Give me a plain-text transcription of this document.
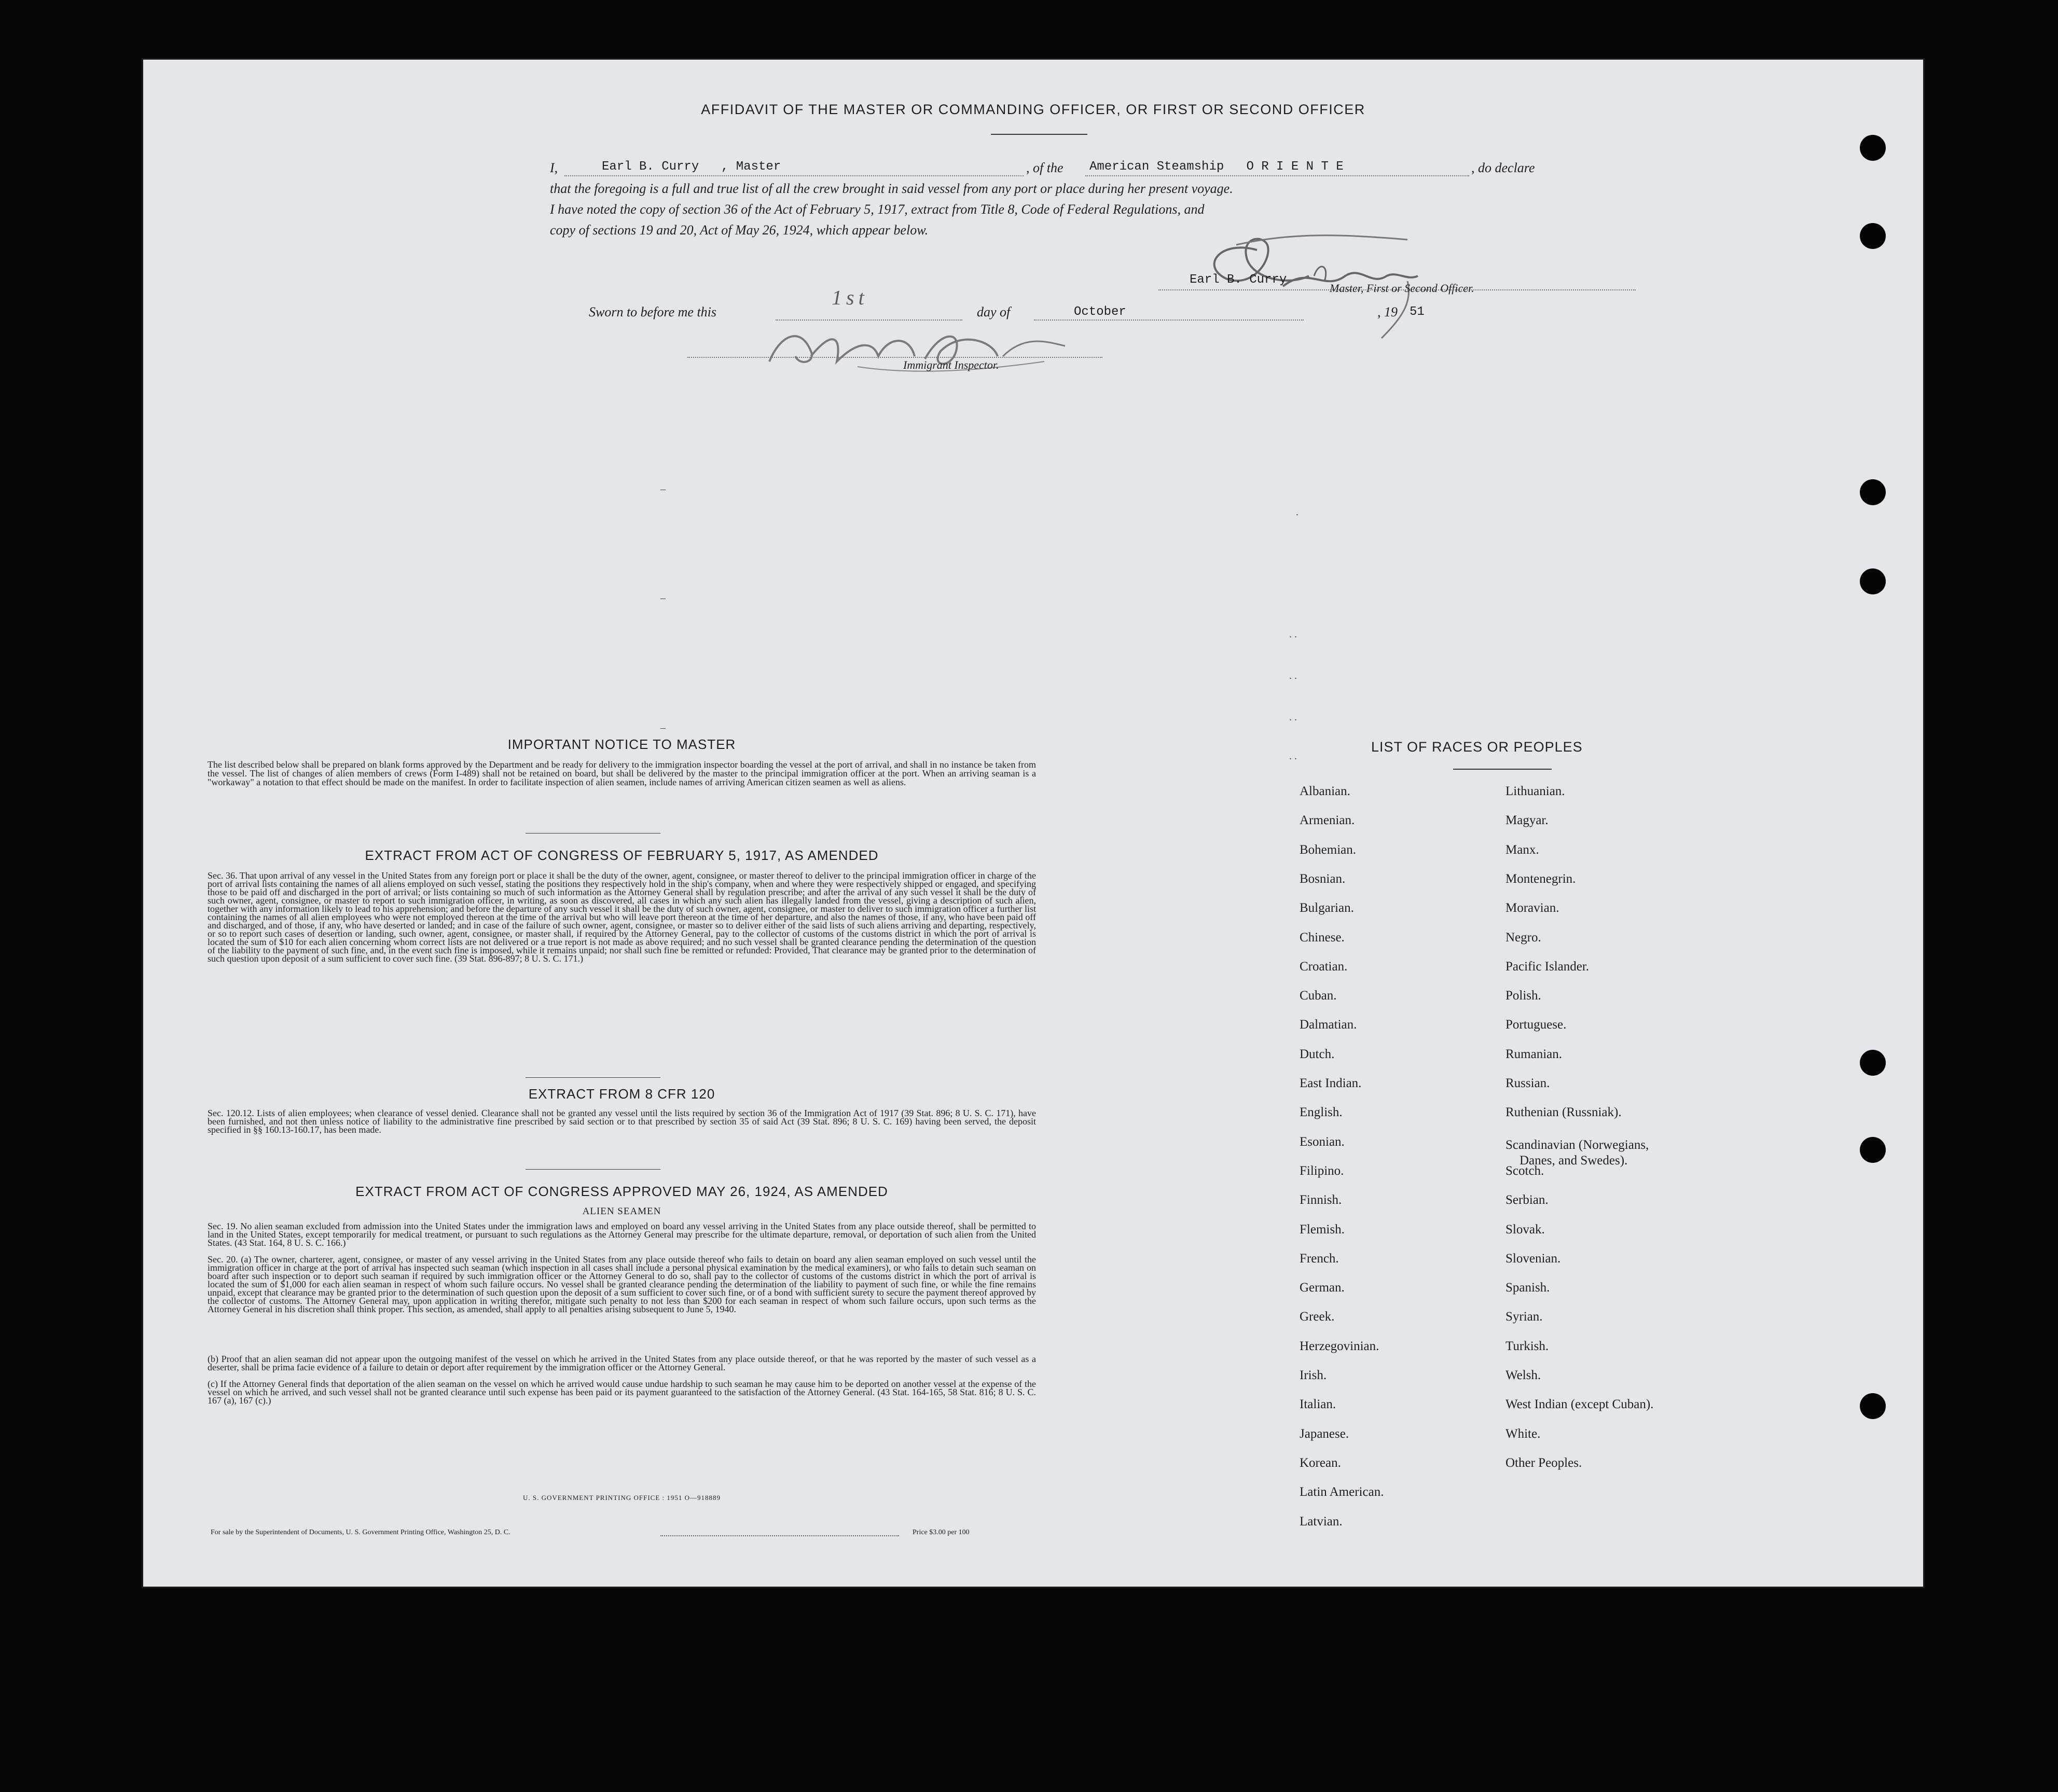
AFFIDAVIT OF THE MASTER OR COMMANDING OFFICER, OR FIRST OR SECOND OFFICER
I,	Earl B. Curry , Master	, of the American Steamship   O R I E N T E	, do declare
that the foregoing is a full and true list of all the crew brought in said vessel from any port or place during her present voyage.
I have noted the copy of section 36 of the Act of February 5, 1917, extract from Title 8, Code of Federal Regulations, and
copy of sections 19 and 20, Act of May 26, 1924, which appear below.
Earl B. Curry
Master, First or Second Officer.
Sworn to before me this
1st
day of	October	, 19 51
Immigrant Inspector.
–
–
–
. .
. .
. .
. .
·
IMPORTANT NOTICE TO MASTER
The list described below shall be prepared on blank forms approved by the Department and be ready for delivery to the immigration inspector boarding the vessel at the port of arrival, and shall in no instance be taken from the vessel. The list of changes of alien members of crews (Form I-489) shall not be retained on board, but shall be delivered by the master to the principal immigration officer at the port. When an arriving seaman is a "workaway" a notation to that effect should be made on the manifest. In order to facilitate inspection of alien seamen, include names of arriving American citizen seamen as well as aliens.
EXTRACT FROM ACT OF CONGRESS OF FEBRUARY 5, 1917, AS AMENDED
Sec. 36. That upon arrival of any vessel in the United States from any foreign port or place it shall be the duty of the owner, agent, consignee, or master thereof to deliver to the principal immigration officer in charge of the port of arrival lists containing the names of all aliens employed on such vessel, stating the positions they respectively hold in the ship's company, when and where they were respectively shipped or engaged, and specifying those to be paid off and discharged in the port of arrival; or lists containing so much of such information as the Attorney General shall by regulation prescribe; and after the arrival of any such vessel it shall be the duty of such owner, agent, consignee, or master to report to such immigration officer, in writing, as soon as discovered, all cases in which any such alien has illegally landed from the vessel, giving a description of such alien, together with any information likely to lead to his apprehension; and before the departure of any such vessel it shall be the duty of such owner, agent, consignee, or master to deliver to such immigration officer a further list containing the names of all alien employees who were not employed thereon at the time of the arrival but who will leave port thereon at the time of her departure, and also the names of those, if any, who have been paid off and discharged, and of those, if any, who have deserted or landed; and in case of the failure of such owner, agent, consignee, or master so to deliver either of the said lists of such aliens arriving and departing, respectively, or so to report such cases of desertion or landing, such owner, agent, consignee, or master shall, if required by the Attorney General, pay to the collector of customs of the customs district in which the port of arrival is located the sum of $10 for each alien concerning whom correct lists are not delivered or a true report is not made as above required; and no such vessel shall be granted clearance pending the determination of the question of the liability to the payment of such fine, and, in the event such fine is imposed, while it remains unpaid; nor shall such fine be remitted or refunded: Provided, That clearance may be granted prior to the determination of such question upon deposit of a sum sufficient to cover such fine. (39 Stat. 896-897; 8 U. S. C. 171.)
EXTRACT FROM 8 CFR 120
Sec. 120.12. Lists of alien employees; when clearance of vessel denied. Clearance shall not be granted any vessel until the lists required by section 36 of the Immigration Act of 1917 (39 Stat. 896; 8 U. S. C. 171), have been furnished, and not then unless notice of liability to the administrative fine prescribed by said section or to that prescribed by section 35 of said Act (39 Stat. 896; 8 U. S. C. 169) having been served, the deposit specified in §§ 160.13-160.17, has been made.
EXTRACT FROM ACT OF CONGRESS APPROVED MAY 26, 1924, AS AMENDED
ALIEN SEAMEN
Sec. 19. No alien seaman excluded from admission into the United States under the immigration laws and employed on board any vessel arriving in the United States from any place outside thereof, shall be permitted to land in the United States, except temporarily for medical treatment, or pursuant to such regulations as the Attorney General may prescribe for the ultimate departure, removal, or deportation of such alien from the United States. (43 Stat. 164, 8 U. S. C. 166.)
Sec. 20. (a) The owner, charterer, agent, consignee, or master of any vessel arriving in the United States from any place outside thereof who fails to detain on board any alien seaman employed on such vessel until the immigration officer in charge at the port of arrival has inspected such seaman (which inspection in all cases shall include a personal physical examination by the medical examiners), or who fails to detain such seaman on board after such inspection or to deport such seaman if required by such immigration officer or the Attorney General to do so, shall pay to the collector of customs of the customs district in which the port of arrival is located the sum of $1,000 for each alien seaman in respect of whom such failure occurs. No vessel shall be granted clearance pending the determination of the liability to payment of such fine, or while the fine remains unpaid, except that clearance may be granted prior to the determination of such question upon the deposit of a sum sufficient to cover such fine, or of a bond with sufficient surety to secure the payment thereof approved by the collector of customs. The Attorney General may, upon application in writing therefor, mitigate such penalty to not less than $200 for each seaman in respect of whom such failure occurs, upon such terms as the Attorney General in his discretion shall think proper. This section, as amended, shall apply to all penalties arising subsequent to June 5, 1940.
(b) Proof that an alien seaman did not appear upon the outgoing manifest of the vessel on which he arrived in the United States from any place outside thereof, or that he was reported by the master of such vessel as a deserter, shall be prima facie evidence of a failure to detain or deport after requirement by the immigration officer or the Attorney General.
(c) If the Attorney General finds that deportation of the alien seaman on the vessel on which he arrived would cause undue hardship to such seaman he may cause him to be deported on another vessel at the expense of the vessel on which he arrived, and such vessel shall not be granted clearance until such expense has been paid or its payment guaranteed to the satisfaction of the Attorney General. (43 Stat. 164-165, 58 Stat. 816; 8 U. S. C. 167 (a), 167 (c).)
U. S. GOVERNMENT PRINTING OFFICE : 1951 O—918889
For sale by the Superintendent of Documents, U. S. Government Printing Office, Washington 25, D. C.	Price $3.00 per 100
LIST OF RACES OR PEOPLES
Albanian.
Armenian.
Bohemian.
Bosnian.
Bulgarian.
Chinese.
Croatian.
Cuban.
Dalmatian.
Dutch.
East Indian.
English.
Esonian.
Filipino.
Finnish.
Flemish.
French.
German.
Greek.
Herzegovinian.
Irish.
Italian.
Japanese.
Korean.
Latin American.
Latvian.
Lithuanian.
Magyar.
Manx.
Montenegrin.
Moravian.
Negro.
Pacific Islander.
Polish.
Portuguese.
Rumanian.
Russian.
Ruthenian (Russniak).
Scandinavian (Norwegians,
Danes, and Swedes).
Scotch.
Serbian.
Slovak.
Slovenian.
Spanish.
Syrian.
Turkish.
Welsh.
West Indian (except Cuban).
White.
Other Peoples.
